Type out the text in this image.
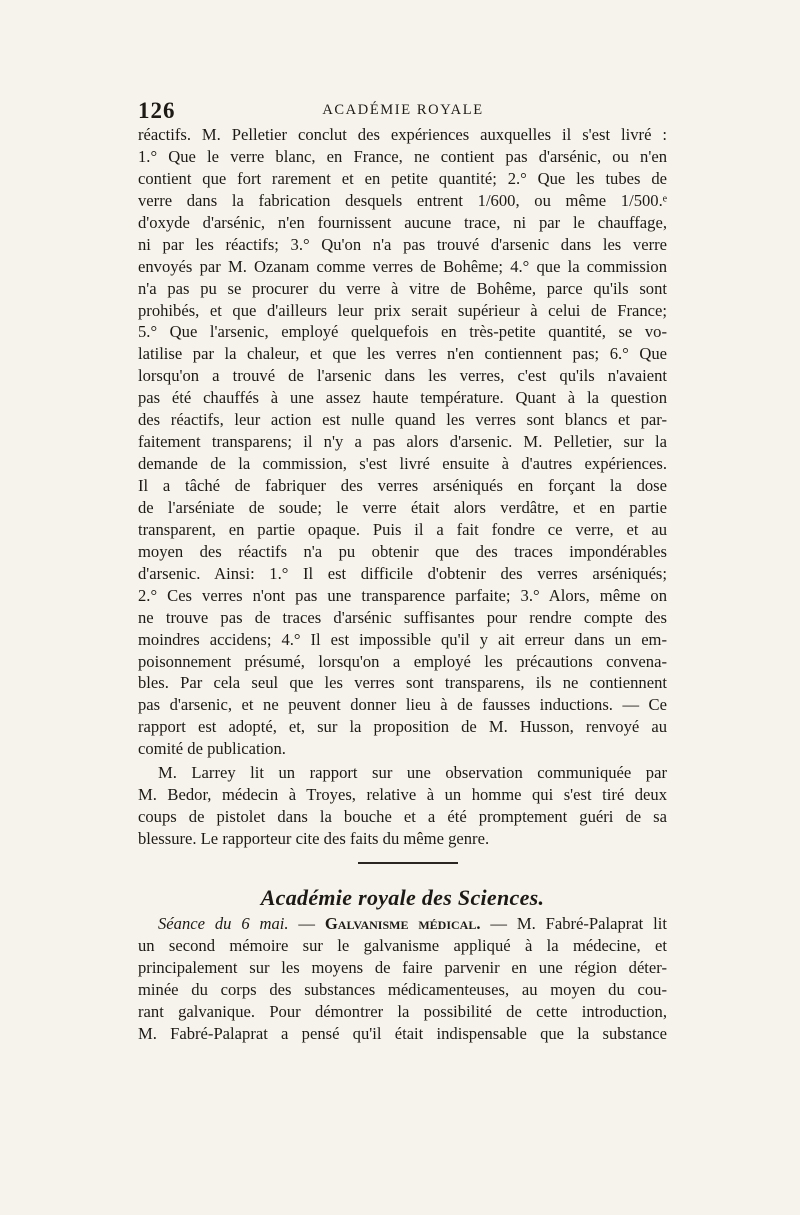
126	ACADÉMIE ROYALE
réactifs. M. Pelletier conclut des expériences auxquelles il s'est livré :
1.° Que le verre blanc, en France, ne contient pas d'arsénic, ou n'en
contient que fort rarement et en petite quantité; 2.° Que les tubes de
verre dans la fabrication desquels entrent 1/600, ou même 1/500.ᵉ
d'oxyde d'arsénic, n'en fournissent aucune trace, ni par le chauffage,
ni par les réactifs; 3.° Qu'on n'a pas trouvé d'arsenic dans les verre
envoyés par M. Ozanam comme verres de Bohême; 4.° que la commission
n'a pas pu se procurer du verre à vitre de Bohême, parce qu'ils sont
prohibés, et que d'ailleurs leur prix serait supérieur à celui de France;
5.° Que l'arsenic, employé quelquefois en très-petite quantité, se vo-
latilise par la chaleur, et que les verres n'en contiennent pas; 6.° Que
lorsqu'on a trouvé de l'arsenic dans les verres, c'est qu'ils n'avaient
pas été chauffés à une assez haute température. Quant à la question
des réactifs, leur action est nulle quand les verres sont blancs et par-
faitement transparens; il n'y a pas alors d'arsenic. M. Pelletier, sur la
demande de la commission, s'est livré ensuite à d'autres expériences.
Il a tâché de fabriquer des verres arséniqués en forçant la dose
de l'arséniate de soude; le verre était alors verdâtre, et en partie
transparent, en partie opaque. Puis il a fait fondre ce verre, et au
moyen des réactifs n'a pu obtenir que des traces impondérables
d'arsenic. Ainsi: 1.° Il est difficile d'obtenir des verres arséniqués;
2.° Ces verres n'ont pas une transparence parfaite; 3.° Alors, même on
ne trouve pas de traces d'arsénic suffisantes pour rendre compte des
moindres accidens; 4.° Il est impossible qu'il y ait erreur dans un em-
poisonnement présumé, lorsqu'on a employé les précautions convena-
bles. Par cela seul que les verres sont transparens, ils ne contiennent
pas d'arsenic, et ne peuvent donner lieu à de fausses inductions. — Ce
rapport est adopté, et, sur la proposition de M. Husson, renvoyé au
comité de publication.
M. Larrey lit un rapport sur une observation communiquée par
M. Bedor, médecin à Troyes, relative à un homme qui s'est tiré deux
coups de pistolet dans la bouche et a été promptement guéri de sa
blessure. Le rapporteur cite des faits du même genre.
Académie royale des Sciences.
Séance du 6 mai. — Galvanisme médical. — M. Fabré-Palaprat lit
un second mémoire sur le galvanisme appliqué à la médecine, et
principalement sur les moyens de faire parvenir en une région déter-
minée du corps des substances médicamenteuses, au moyen du cou-
rant galvanique. Pour démontrer la possibilité de cette introduction,
M. Fabré-Palaprat a pensé qu'il était indispensable que la substance
